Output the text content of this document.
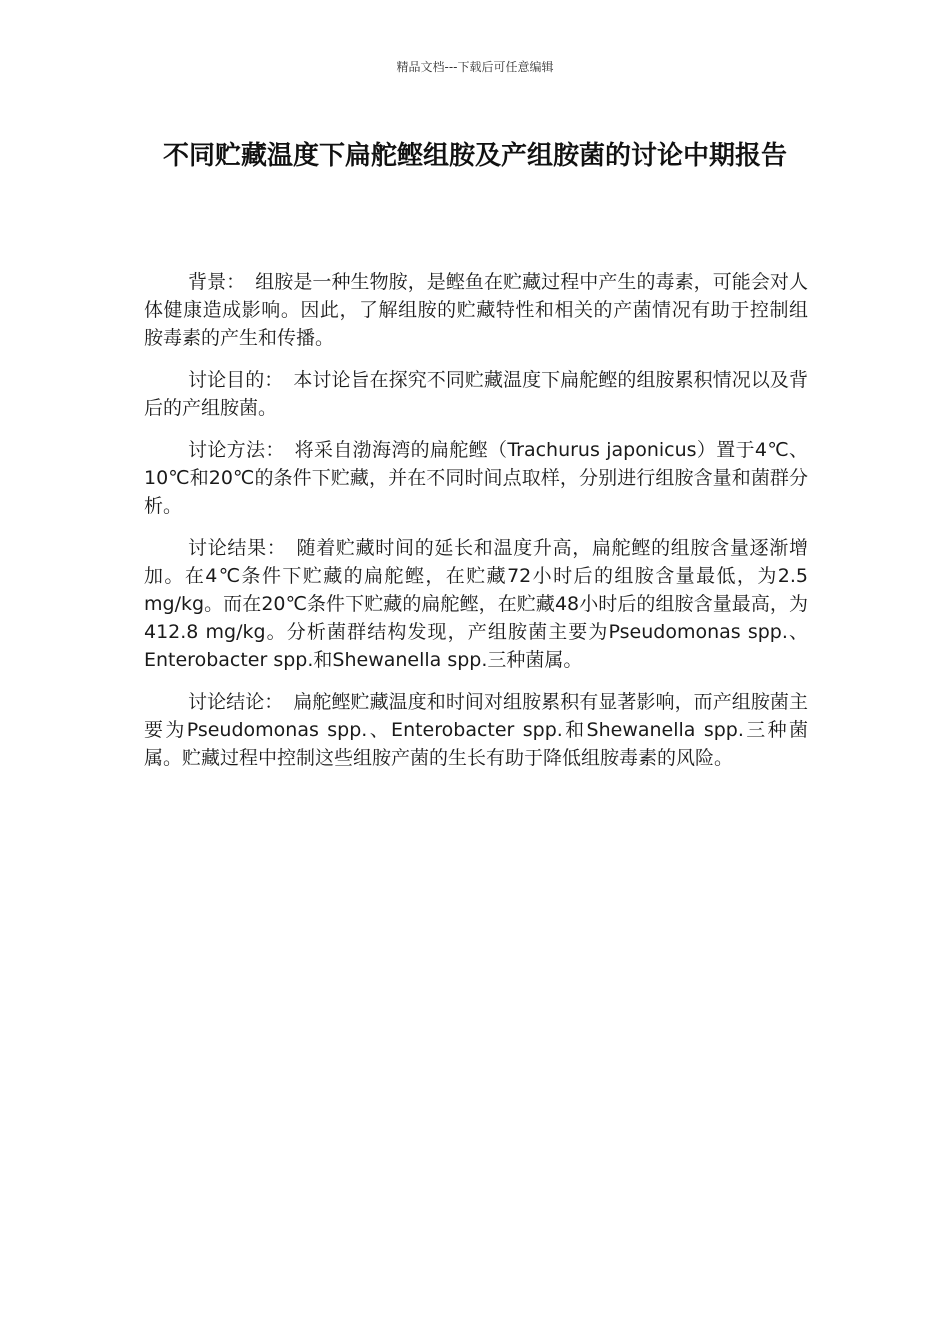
精品文档---下载后可任意编辑
不同贮藏温度下扁舵鲣组胺及产组胺菌的讨论中期报告

背景： 组胺是一种生物胺，是鲣鱼在贮藏过程中产生的毒素，可能会对人体健康造成影响。因此，了解组胺的贮藏特性和相关的产菌情况有助于控制组胺毒素的产生和传播。

讨论目的： 本讨论旨在探究不同贮藏温度下扁舵鲣的组胺累积情况以及背后的产组胺菌。

讨论方法： 将采自渤海湾的扁舵鲣（Trachurus japonicus）置于4℃、10℃和20℃的条件下贮藏，并在不同时间点取样，分别进行组胺含量和菌群分析。

讨论结果： 随着贮藏时间的延长和温度升高，扁舵鲣的组胺含量逐渐增加。在4℃条件下贮藏的扁舵鲣，在贮藏72小时后的组胺含量最低，为2.5 mg/kg。而在20℃条件下贮藏的扁舵鲣，在贮藏48小时后的组胺含量最高，为412.8 mg/kg。分析菌群结构发现，产组胺菌主要为Pseudomonas spp.、Enterobacter spp.和Shewanella spp.三种菌属。

讨论结论： 扁舵鲣贮藏温度和时间对组胺累积有显著影响，而产组胺菌主要为Pseudomonas spp.、Enterobacter spp.和Shewanella spp.三种菌属。贮藏过程中控制这些组胺产菌的生长有助于降低组胺毒素的风险。
